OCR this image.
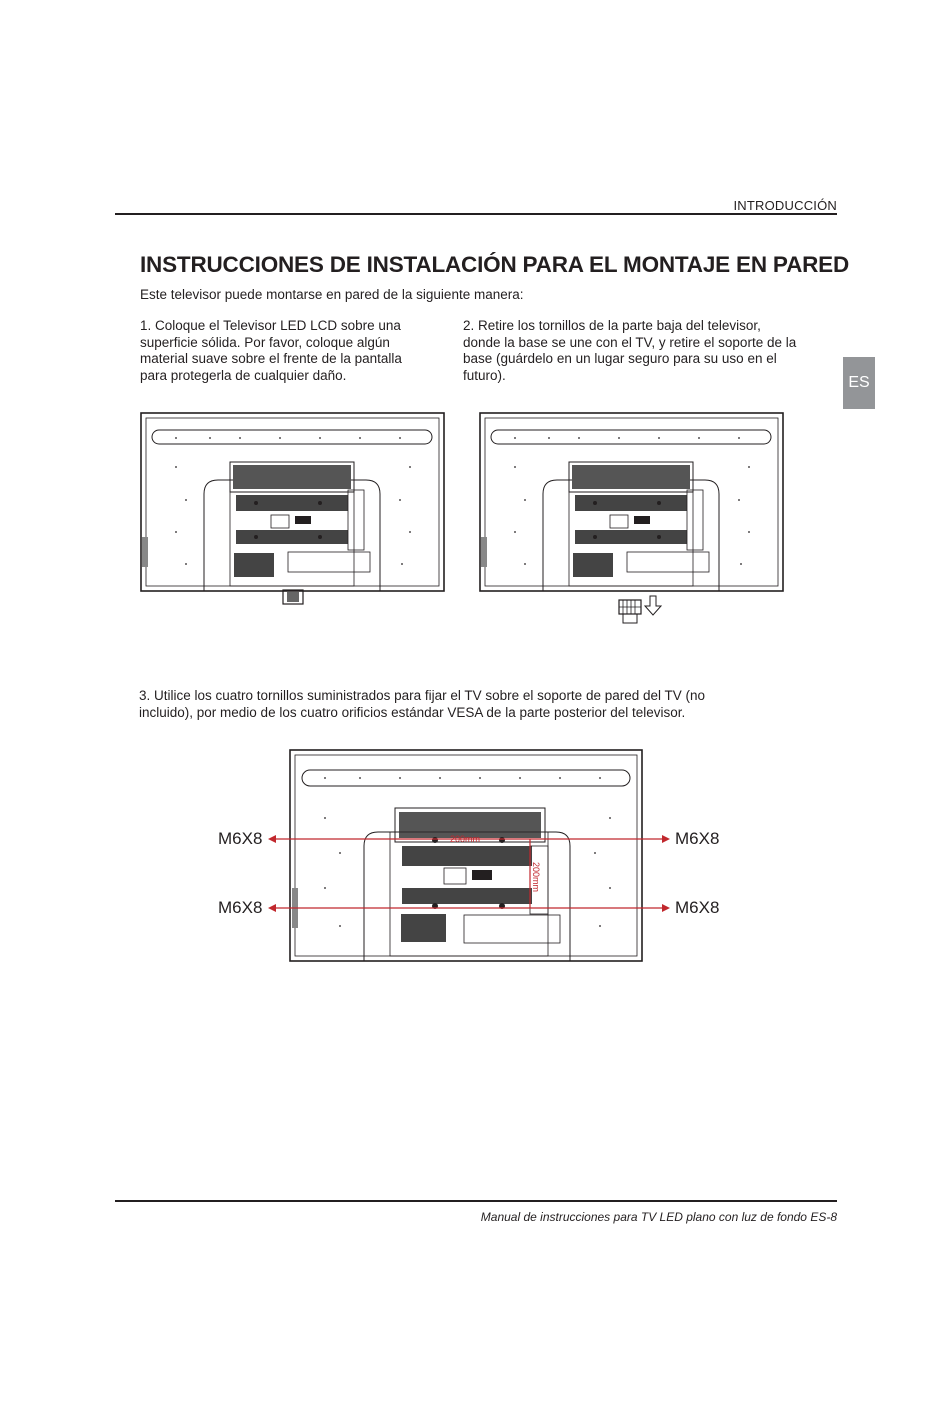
INTRODUCCIÓN
ES
INSTRUCCIONES DE INSTALACIÓN PARA EL MONTAJE EN PARED
Este televisor puede montarse en pared de la siguiente manera:
1. Coloque el Televisor LED LCD sobre una superficie sólida. Por favor, coloque algún material suave sobre el frente de la pantalla para protegerla de cualquier daño.
2. Retire los tornillos de la parte baja del televisor, donde la base se une con el TV, y retire el soporte de la base (guárdelo en un lugar seguro para su uso en el futuro).
3. Utilice los cuatro tornillos suministrados para fijar el TV sobre el soporte de pared del TV (no incluido), por medio de los cuatro orificios estándar VESA de la parte posterior del televisor.
200mm
200mm
M6X8	M6X8
M6X8	M6X8
Manual de instrucciones para TV LED plano con luz de fondo ES-8
